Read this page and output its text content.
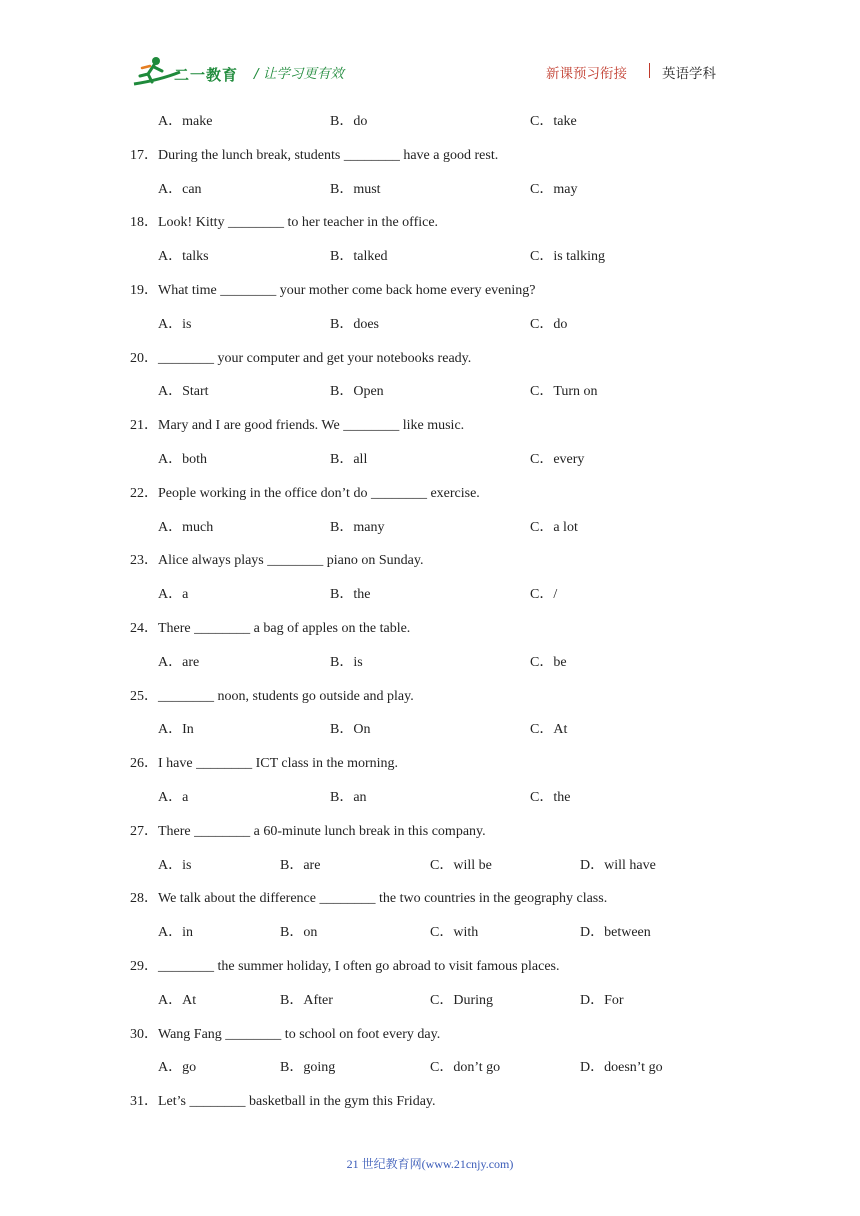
二一教育 / 让学习更有效	新课预习衔接	英语学科
A．make	B．do	C．take
17．During the lunch break, students ________ have a good rest.
A．can	B．must	C．may
18．Look! Kitty ________ to her teacher in the office.
A．talks	B．talked	C．is talking
19．What time ________ your mother come back home every evening?
A．is	B．does	C．do
20．________ your computer and get your notebooks ready.
A．Start	B．Open	C．Turn on
21．Mary and I are good friends. We ________ like music.
A．both	B．all	C．every
22．People working in the office don’t do ________ exercise.
A．much	B．many	C．a lot
23．Alice always plays ________ piano on Sunday.
A．a	B．the	C．/
24．There ________ a bag of apples on the table.
A．are	B．is	C．be
25．________ noon, students go outside and play.
A．In	B．On	C．At
26．I have ________ ICT class in the morning.
A．a	B．an	C．the
27．There ________ a 60-minute lunch break in this company.
A．is	B．are	C．will be	D．will have
28．We talk about the difference ________ the two countries in the geography class.
A．in	B．on	C．with	D．between
29．________ the summer holiday, I often go abroad to visit famous places.
A．At	B．After	C．During	D．For
30．Wang Fang ________ to school on foot every day.
A．go	B．going	C．don’t go	D．doesn’t go
31．Let’s ________ basketball in the gym this Friday.
21 世纪教育网(www.21cnjy.com)
